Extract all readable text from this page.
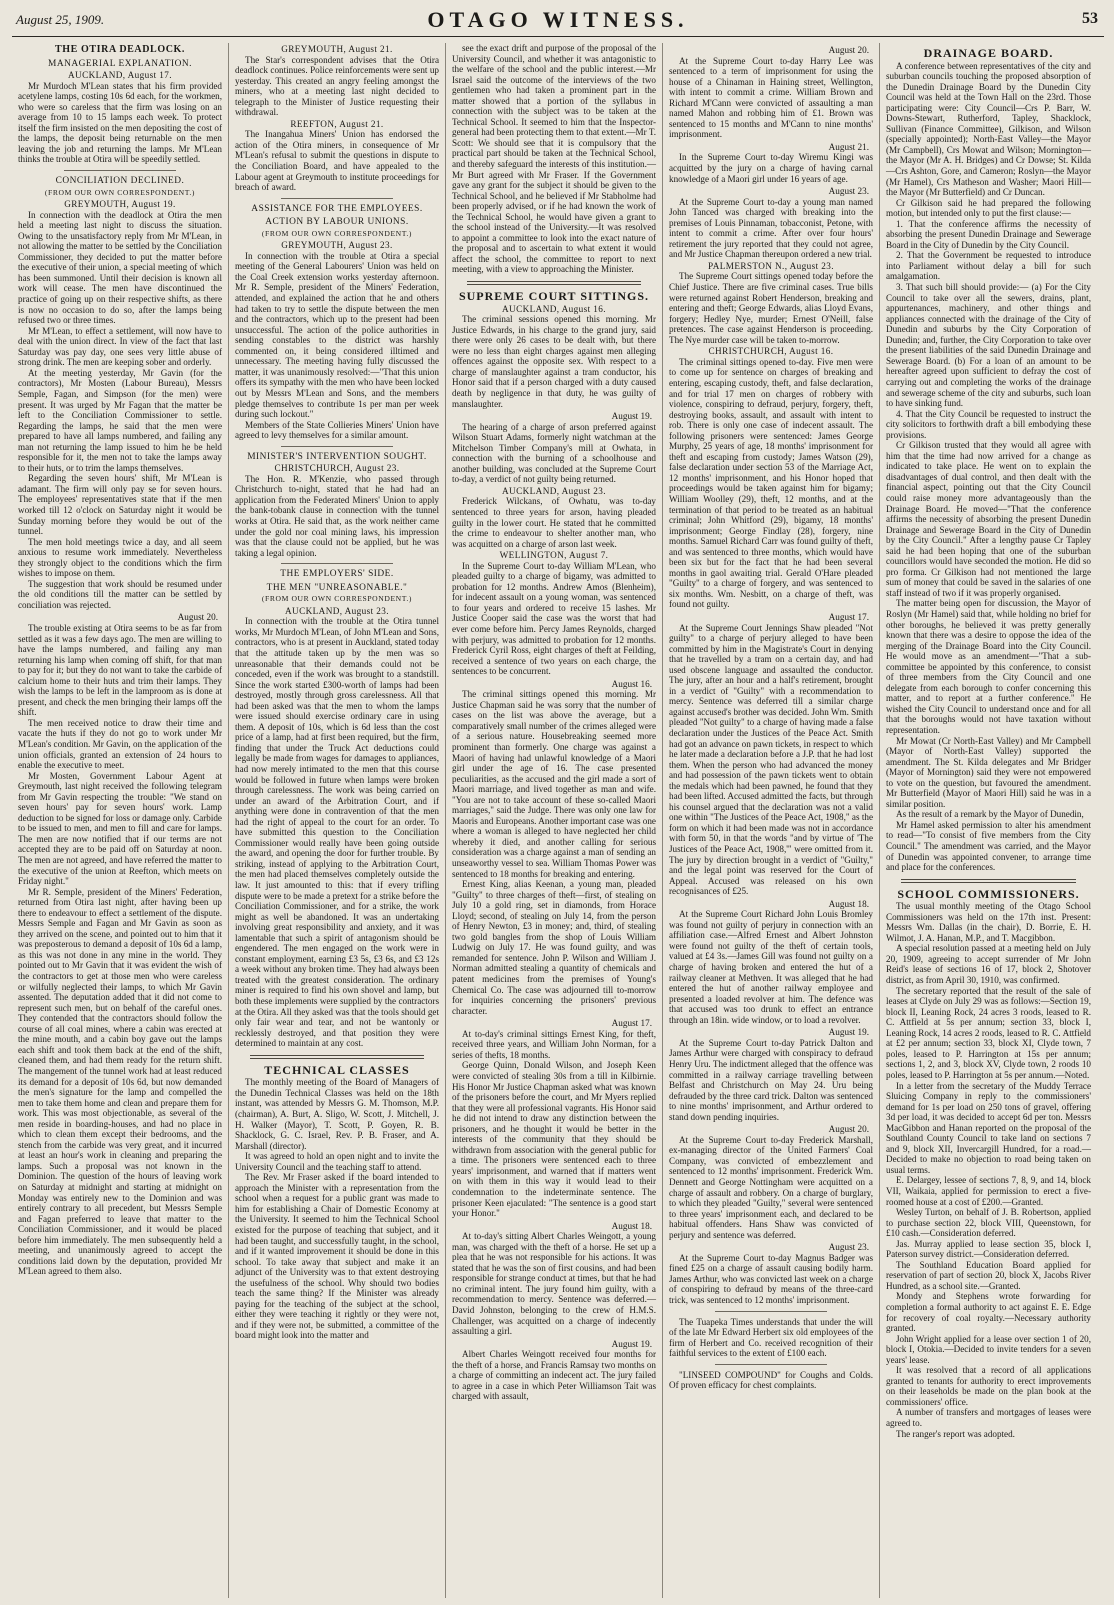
August 25, 1909.	OTAGO WITNESS.	53
THE OTIRA DEADLOCK.
MANAGERIAL EXPLANATION.
AUCKLAND, August 17.

Mr Murdoch M'Lean states that his firm provided acetylene lamps, costing 10s 6d each, for the workmen, who were so careless that the firm was losing on an average from 10 to 15 lamps each week. To protect itself the firm insisted on the men depositing the cost of the lamps, the deposit being returnable on the men leaving the job and returning the lamps. Mr M'Lean thinks the trouble at Otira will be speedily settled.

CONCILIATION DECLINED.
(FROM OUR OWN CORRESPONDENT.)
GREYMOUTH, August 19.

In connection with the deadlock at Otira the men held a meeting last night to discuss the situation. Owing to the unsatisfactory reply from Mr M'Lean, in not allowing the matter to be settled by the Conciliation Commissioner, they decided to put the matter before the executive of their union, a special meeting of which has been summoned. Until their decision is known all work will cease. The men have discontinued the practice of going up on their respective shifts, as there is now no occasion to do so, after the lamps being refused two or three times.

Mr M'Lean, to effect a settlement, will now have to deal with the union direct. In view of the fact that last Saturday was pay day, one sees very little abuse of strong drink. The men are keeping sober and orderly.

At the meeting yesterday, Mr Gavin (for the contractors), Mr Mosten (Labour Bureau), Messrs Semple, Fagan, and Simpson (for the men) were present. It was urged by Mr Fagan that the matter be left to the Conciliation Commissioner to settle. Regarding the lamps, he said that the men were prepared to have all lamps numbered, and failing any man not returning the lamp issued to him he be held responsible for it, the men not to take the lamps away to their huts, or to trim the lamps themselves.

Regarding the seven hours' shift, Mr M'Lean is adamant. The firm will only pay se for seven hours. The employees' representatives state that if the men worked till 12 o'clock on Saturday night it would be Sunday morning before they would be out of the tunnel.

The men hold meetings twice a day, and all seem anxious to resume work immediately. Nevertheless they strongly object to the conditions which the firm wishes to impose on them.

The suggestion that work should be resumed under the old conditions till the matter can be settled by conciliation was rejected.

August 20.

The trouble existing at Otira seems to be as far from settled as it was a few days ago. The men are willing to have the lamps numbered, and failing any man returning his lamp when coming off shift, for that man to pay for it; but they do not want to take the carbide of calcium home to their huts and trim their lamps. They wish the lamps to be left in the lamproom as is done at present, and check the men bringing their lamps off the shift.

The men received notice to draw their time and vacate the huts if they do not go to work under Mr M'Lean's condition. Mr Gavin, on the application of the union officials, granted an extension of 24 hours to enable the executive to meet.

Mr Mosten, Government Labour Agent at Greymouth, last night received the following telegram from Mr Gavin respecting the trouble: "We stand on seven hours' pay for seven hours' work. Lamp deduction to be signed for loss or damage only. Carbide to be issued to men, and men to fill and care for lamps. The men are now notified that if our terms are not accepted they are to be paid off on Saturday at noon. The men are not agreed, and have referred the matter to the executive of the union at Reefton, which meets on Friday night."

Mr R. Semple, president of the Miners' Federation, returned from Otira last night, after having been up there to endeavour to effect a settlement of the dispute. Messrs Semple and Fagan and Mr Gavin as soon as they arrived on the scene, and pointed out to him that it was preposterous to demand a deposit of 10s 6d a lamp, as this was not done in any mine in the world. They pointed out to Mr Gavin that it was evident the wish of the contractors to get at those men who were careless or wilfully neglected their lamps, to which Mr Gavin assented. The deputation added that it did not come to represent such men, but on behalf of the careful ones. They contended that the contractors should follow the course of all coal mines, where a cabin was erected at the mine mouth, and a cabin boy gave out the lamps each shift and took them back at the end of the shift, cleaned them, and had them ready for the return shift. The mangement of the tunnel work had at least reduced its demand for a deposit of 10s 6d, but now demanded the men's signature for the lamp and compelled the men to take them home and clean and prepare them for work. This was most objectionable, as several of the men reside in boarding-houses, and had no place in which to clean them except their bedrooms, and the stench from the carbide was very great, and it incurred at least an hour's work in cleaning and preparing the lamps. Such a proposal was not known in the Dominion. The question of the hours of leaving work on Saturday at midnight and starting at midnight on Monday was entirely new to the Dominion and was entirely contrary to all precedent, but Messrs Semple and Fagan preferred to leave that matter to the Conciliation Commissioner, and it would be placed before him immediately. The men subsequently held a meeting, and unanimously agreed to accept the conditions laid down by the deputation, provided Mr M'Lean agreed to them also.

GREYMOUTH, August 21.

The Star's correspondent advises that the Otira deadlock continues. Police reinforcements were sent up yesterday. This created an angry feeling amongst the miners, who at a meeting last night decided to telegraph to the Minister of Justice requesting their withdrawal.

REEFTON, August 21.

The Inangahua Miners' Union has endorsed the action of the Otira miners, in consequence of Mr M'Lean's refusal to submit the questions in dispute to the Conciliation Board, and have appealed to the Labour agent at Greymouth to institute proceedings for breach of award.

ASSISTANCE FOR THE EMPLOYEES.
ACTION BY LABOUR UNIONS.
(FROM OUR OWN CORRESPONDENT.)
GREYMOUTH, August 23.

In connection with the trouble at Otira a special meeting of the General Labourers' Union was held on the Coal Creek extension works yesterday afternoon. Mr R. Semple, president of the Miners' Federation, attended, and explained the action that he and others had taken to try to settle the dispute between the men and the contractors, which up to the present had been unsuccessful. The action of the police authorities in sending constables to the district was harshly commented on, it being considered illtimed and unnecessary. The meeting having fully discussed the matter, it was unanimously resolved:—"That this union offers its sympathy with the men who have been locked out by Messrs M'Lean and Sons, and the members pledge themselves to contribute 1s per man per week during such lockout."

Members of the State Collieries Miners' Union have agreed to levy themselves for a similar amount.

MINISTER'S INTERVENTION SOUGHT.
CHRISTCHURCH, August 23.

The Hon. R. M'Kenzie, who passed through Christchurch to-night, stated that he had had an application from the Federated Miners' Union to apply the bank-tobank clause in connection with the tunnel works at Otira. He said that, as the work neither came under the gold nor coal mining laws, his impression was that the clause could not be applied, but he was taking a legal opinion.

THE EMPLOYERS' SIDE.
THE MEN "UNREASONABLE."
(FROM OUR OWN CORRESPONDENT.)
AUCKLAND, August 23.

In connection with the trouble at the Otira tunnel works, Mr Murdoch M'Lean, of John M'Lean and Sons, contractors, who is at present in Auckland, stated today that the attitude taken up by the men was so unreasonable that their demands could not be conceded, even if the work was brought to a standstill. Since the work started £300-worth of lamps had been destroyed, mostly through gross carelessness. All that had been asked was that the men to whom the lamps were issued should exercise ordinary care in using them. A deposit of 10s, which is 6d less than the cost price of a lamp, had at first been required, but the firm, finding that under the Truck Act deductions could legally be made from wages for damages to appliances, had now merely intimated to the men that this course would be followed in future when lamps were broken through carelessness. The work was being carried on under an award of the Arbitration Court, and if anything were done in contravention of that the men had the right of appeal to the court for an order. To have submitted this question to the Conciliation Commissioner would really have been going outside the award, and opening the door for further trouble. By striking, instead of applying to the Arbitration Court, the men had placed themselves completely outside the law. It just amounted to this: that if every trifling dispute were to be made a pretext for a strike before the Conciliation Commissioner, and for a strike, the work might as well be abandoned. It was an undertaking involving great responsibility and anxiety, and it was lamentable that such a spirit of antagonism should be engendered. The men engaged on the work were in constant employment, earning £3 5s, £3 6s, and £3 12s a week without any broken time. They had always been treated with the greatest consideration. The ordinary miner is required to find his own shovel and lamp, but both these implements were supplied by the contractors at the Otira. All they asked was that the tools should get only fair wear and tear, and not be wantonly or recklessly destroyed, and that position they were determined to maintain at any cost.

TECHNICAL CLASSES

The monthly meeting of the Board of Managers of the Dunedin Technical Classes was held on the 18th instant, was attended by Messrs G. M. Thomson, M.P. (chairman), A. Burt, A. Sligo, W. Scott, J. Mitchell, J. H. Walker (Mayor), T. Scott, P. Goyen, R. B. Shacklock, G. C. Israel, Rev. P. B. Fraser, and A. Marshall (director).

It was agreed to hold an open night and to invite the University Council and the teaching staff to attend.

The Rev. Mr Fraser asked if the board intended to approach the Minister with a representation from the school when a request for a public grant was made to him for establishing a Chair of Domestic Economy at the University. It seemed to him the Technical School existed for the purpose of teaching that subject, and it had been taught, and successfully taught, in the school, and if it wanted improvement it should be done in this school. To take away that subject and make it an adjunct of the University was to that extent destroying the usefulness of the school. Why should two bodies teach the same thing? If the Minister was already paying for the teaching of the subject at the school, either they were teaching it rightly or they were not, and if they were not, be submitted, a committee of the board might look into the matter and

see the exact drift and purpose of the proposal of the University Council, and whether it was antagonistic to the welfare of the school and the public interest.—Mr Israel said the outcome of the interviews of the two gentlemen who had taken a prominent part in the matter showed that a portion of the syllabus in connection with the subject was to be taken at the Technical School. It seemed to him that the Inspector-general had been protecting them to that extent.—Mr T. Scott: We should see that it is compulsory that the practical part should be taken at the Technical School, and thereby safeguard the interests of this institution.—Mr Burt agreed with Mr Fraser. If the Government gave any grant for the subject it should be given to the Technical School, and he believed if Mr Stabholme had been properly advised, or if he had known the work of the Technical School, he would have given a grant to the school instead of the University.—It was resolved to appoint a committee to look into the exact nature of the proposal and to ascertain to what extent it would affect the school, the committee to report to next meeting, with a view to approaching the Minister.

SUPREME COURT SITTINGS.
AUCKLAND, August 16.

The criminal sessions opened this morning. Mr Justice Edwards, in his charge to the grand jury, said there were only 26 cases to be dealt with, but there were no less than eight charges against men alleging offences against the opposite sex. With respect to a charge of manslaughter against a tram conductor, his Honor said that if a person charged with a duty caused death by negligence in that duty, he was guilty of manslaughter.

August 19.

The hearing of a charge of arson preferred against Wilson Stuart Adams, formerly night watchman at the Mitchelson Timber Company's mill at Owhata, in connection with the burning of a schoolhouse and another building, was concluded at the Supreme Court to-day, a verdict of not guilty being returned.

AUCKLAND, August 23.

Frederick Wilckans, of Owhatu, was to-day sentenced to three years for arson, having pleaded guilty in the lower court. He stated that he committed the crime to endeavour to shelter another man, who was acquitted on a charge of arson last week.

WELLINGTON, August 7.

In the Supreme Court to-day William M'Lean, who pleaded guilty to a charge of bigamy, was admitted to probation for 12 months. Andrew Amos (Blenheim), for indecent assault on a young woman, was sentenced to four years and ordered to receive 15 lashes. Mr Justice Cooper said the case was the worst that had ever come before him. Percy James Reynolds, charged with perjury, was admitted to probation for 12 months. Frederick Cyril Ross, eight charges of theft at Feilding, received a sentence of two years on each charge, the sentences to be concurrent.

August 16.

The criminal sittings opened this morning. Mr Justice Chapman said he was sorry that the number of cases on the list was above the average, but a comparatively small number of the crimes alleged were of a serious nature. Housebreaking seemed more prominent than formerly. One charge was against a Maori of having had unlawful knowledge of a Maori girl under the age of 16. The case presented peculiarities, as the accused and the girl made a sort of Maori marriage, and lived together as man and wife. "You are not to take account of these so-called Maori marriages," said the Judge. There was only one law for Maoris and Europeans. Another important case was one where a woman is alleged to have neglected her child whereby it died, and another calling for serious consideration was a charge against a man of sending an unseaworthy vessel to sea. William Thomas Power was sentenced to 18 months for breaking and entering.

Ernest King, alias Keenan, a young man, pleaded "Guilty" to three charges of theft—first, of stealing on July 10 a gold ring, set in diamonds, from Horace Lloyd; second, of stealing on July 14, from the person of Henry Newton, £3 in money; and, third, of stealing two gold bangles from the shop of Louis William Ludwig on July 17. He was found guilty, and was remanded for sentence. John P. Wilson and William J. Norman admitted stealing a quantity of chemicals and patent medicines from the premises of Young's Chemical Co. The case was adjourned till to-morrow for inquiries concerning the prisoners' previous character.

August 17.

At to-day's criminal sittings Ernest King, for theft, received three years, and William John Norman, for a series of thefts, 18 months.

George Quinn, Donald Wilson, and Joseph Keen were convicted of stealing 30s from a till in Kilbirnie. His Honor Mr Justice Chapman asked what was known of the prisoners before the court, and Mr Myers replied that they were all professional vagrants. His Honor said he did not intend to draw any distinction between the prisoners, and he thought it would be better in the interests of the community that they should be withdrawn from association with the general public for a time. The prisoners were sentenced each to three years' imprisonment, and warned that if matters went on with them in this way it would lead to their condemnation to the indeterminate sentence. The prisoner Keen ejaculated: "The sentence is a good start your Honor."

August 18.

At to-day's sitting Albert Charles Weingott, a young man, was charged with the theft of a horse. He set up a plea that he was not responsible for his actions. It was stated that he was the son of first cousins, and had been responsible for strange conduct at times, but that he had no criminal intent. The jury found him guilty, with a recommendation to mercy. Sentence was deferred.—David Johnston, belonging to the crew of H.M.S. Challenger, was acquitted on a charge of indecently assaulting a girl.

August 19.

Albert Charles Weingott received four months for the theft of a horse, and Francis Ramsay two months on a charge of committing an indecent act. The jury failed to agree in a case in which Peter Williamson Tait was charged with assault,

August 20.

At the Supreme Court to-day Harry Lee was sentenced to a term of imprisonment for using the house of a Chinaman in Haining street, Wellington, with intent to commit a crime. William Brown and Richard M'Cann were convicted of assaulting a man named Mahon and robbing him of £1. Brown was sentenced to 15 months and M'Cann to nine months' imprisonment.

August 21.

In the Supreme Court to-day Wiremu Kingi was acquitted by the jury on a charge of having carnal knowledge of a Maori girl under 16 years of age.

August 23.

At the Supreme Court to-day a young man named John Tanced was charged with breaking into the premises of Louis Pinnaman, tobacconist, Petone, with intent to commit a crime. After over four hours' retirement the jury reported that they could not agree, and Mr Justice Chapman thereupon ordered a new trial.

PALMERSTON N., August 23.

The Supreme Court sittings opened today before the Chief Justice. There are five criminal cases. True bills were returned against Robert Henderson, breaking and entering and theft; George Edwards, alias Lloyd Evans, forgery; Hedley Nye, murder; Ernest O'Neill, false pretences. The case against Henderson is proceeding. The Nye murder case will be taken to-morrow.

CHRISTCHURCH, August 16.

The criminal sittings opened to-day. Five men were to come up for sentence on charges of breaking and entering, escaping custody, theft, and false declaration, and for trial 17 men on charges of robbery with violence, conspiring to defraud, perjury, forgery, theft, destroying books, assault, and assault with intent to rob. There is only one case of indecent assault. The following prisoners were sentenced: James George Murphy, 25 years of age, 18 months' imprisonment for theft and escaping from custody; James Watson (29), false declaration under section 53 of the Marriage Act, 12 months' imprisonment, and his Honor hoped that proceedings would be taken against him for bigamy; William Woolley (29), theft, 12 months, and at the termination of that period to be treated as an habitual criminal; John Whitford (29), bigamy, 18 months' imprisonment; George Findlay (28), forgery, nine months. Samuel Richard Carr was found guilty of theft, and was sentenced to three months, which would have been six but for the fact that he had been several months in gaol awaiting trial. Gerald O'Hare pleaded "Guilty" to a charge of forgery, and was sentenced to six months. Wm. Nesbitt, on a charge of theft, was found not guilty.

August 17.

At the Supreme Court Jennings Shaw pleaded "Not guilty" to a charge of perjury alleged to have been committed by him in the Magistrate's Court in denying that he travelled by a tram on a certain day, and had used obscene language and assaulted the conductor. The jury, after an hour and a half's retirement, brought in a verdict of "Guilty" with a recommendation to mercy. Sentence was deferred till a similar charge against accused's brother was decided. John Wm. Smith pleaded "Not guilty" to a charge of having made a false declaration under the Justices of the Peace Act. Smith had got an advance on pawn tickets, in respect to which he later made a declaration before a J.P. that he had lost them. When the person who had advanced the money and had possession of the pawn tickets went to obtain the medals which had been pawned, he found that they had been lifted. Accused admitted the facts, but through his counsel argued that the declaration was not a valid one within "The Justices of the Peace Act, 1908," as the form on which it had been made was not in accordance with form 50, in that the words "and by virtue of 'The Justices of the Peace Act, 1908,'" were omitted from it. The jury by direction brought in a verdict of "Guilty," and the legal point was reserved for the Court of Appeal. Accused was released on his own recognisances of £25.

August 18.

At the Supreme Court Richard John Louis Bromley was found not guilty of perjury in connection with an affiliation case.—Alfred Ernest and Albert Johnston were found not guilty of the theft of certain tools, valued at £4 3s.—James Gill was found not guilty on a charge of having broken and entered the hut of a railway cleaner at Methven. It was alleged that he had entered the hut of another railway employee and presented a loaded revolver at him. The defence was that accused was too drunk to effect an entrance through an 18in. wide window, or to load a revolver.

August 19.

At the Supreme Court to-day Patrick Dalton and James Arthur were charged with conspiracy to defraud Henry Uru. The indictment alleged that the offence was committed in a railway carriage travelling between Belfast and Christchurch on May 24. Uru being defrauded by the three card trick. Dalton was sentenced to nine months' imprisonment, and Arthur ordered to stand down pending inquiries.

August 20.

At the Supreme Court to-day Frederick Marshall, ex-managing director of the United Farmers' Coal Company, was convicted of embezzlement and sentenced to 12 months' imprisonment. Frederick Wm. Dennett and George Nottingham were acquitted on a charge of assault and robbery. On a charge of burglary, to which they pleaded "Guilty," several were sentenced to three years' imprisonment each, and declared to be habitual offenders. Hans Shaw was convicted of perjury and sentence was deferred.

August 23.

At the Supreme Court to-day Magnus Badger was fined £25 on a charge of assault causing bodily harm. James Arthur, who was convicted last week on a charge of conspiring to defraud by means of the three-card trick, was sentenced to 12 months' imprisonment.

The Tuapeka Times understands that under the will of the late Mr Edward Herbert six old employees of the firm of Herbert and Co. received recognition of their faithful services to the extent of £100 each.

"LINSEED COMPOUND" for Coughs and Colds. Of proven efficacy for chest complaints.

DRAINAGE BOARD.

A conference between representatives of the city and suburban councils touching the proposed absorption of the Dunedin Drainage Board by the Dunedin City Council was held at the Town Hall on the 23rd. Those participating were: City Council—Crs P. Barr, W. Downs-Stewart, Rutherford, Tapley, Shacklock, Sullivan (Finance Committee), Gilkison, and Wilson (specially appointed); North-East Valley—the Mayor (Mr Campbell), Crs Mowat and Wilson; Mornington—the Mayor (Mr A. H. Bridges) and Cr Dowse; St. Kilda—Crs Ashton, Gore, and Cameron; Roslyn—the Mayor (Mr Hamel), Crs Matheson and Washer; Maori Hill—the Mayor (Mr Butterfield) and Cr Duncan.

Cr Gilkison said he had prepared the following motion, but intended only to put the first clause:—

1. That the conference affirms the necessity of absorbing the present Dunedin Drainage and Sewerage Board in the City of Dunedin by the City Council.

2. That the Government be requested to introduce into Parliament without delay a bill for such amalgamation.

3. That such bill should provide:— (a) For the City Council to take over all the sewers, drains, plant, appurtenances, machinery, and other things and appliances connected with the drainage of the City of Dunedin and suburbs by the City Corporation of Dunedin; and, further, the City Corporation to take over the present liabilities of the said Dunedin Drainage and Sewerage Board. (b) For a loan of an amount to be hereafter agreed upon sufficient to defray the cost of carrying out and completing the works of the drainage and sewerage scheme of the city and suburbs, such loan to have sinking fund.

4. That the City Council be requested to instruct the city solicitors to forthwith draft a bill embodying these provisions.

Cr Gilkison trusted that they would all agree with him that the time had now arrived for a change as indicated to take place. He went on to explain the disadvantages of dual control, and then dealt with the financial aspect, pointing out that the City Council could raise money more advantageously than the Drainage Board. He moved—"That the conference affirms the necessity of absorbing the present Dunedin Drainage and Sewerage Board in the City of Dunedin by the City Council." After a lengthy pause Cr Tapley said he had been hoping that one of the suburban councillors would have seconded the motion. He did so pro forma. Cr Gilkison had not mentioned the large sum of money that could be saved in the salaries of one staff instead of two if it was properly organised.

The matter being open for discussion, the Mayor of Roslyn (Mr Hamel) said that, while holding no brief for other boroughs, he believed it was pretty generally known that there was a desire to oppose the idea of the merging of the Drainage Board into the City Council. He would move as an amendment—"That a sub-committee be appointed by this conference, to consist of three members from the City Council and one delegate from each borough to confer concerning this matter, and to report at a further conference." He wished the City Council to understand once and for all that the boroughs would not have taxation without representation.

Mr Mowat (Cr North-East Valley) and Mr Campbell (Mayor of North-East Valley) supported the amendment. The St. Kilda delegates and Mr Bridger (Mayor of Mornington) said they were not empowered to vote on the question, but favoured the amendment. Mr Butterfield (Mayor of Maori Hill) said he was in a similar position.

As the result of a remark by the Mayor of Dunedin,

Mr Hamel asked permission to alter his amendment to read—"To consist of five members from the City Council." The amendment was carried, and the Mayor of Dunedin was appointed convener, to arrange time and place for the conferences.

SCHOOL COMMISSIONERS.

The usual monthly meeting of the Otago School Commissioners was held on the 17th inst. Present: Messrs Wm. Dallas (in the chair), D. Borrie, E. H. Wilmot, J. A. Hanan, M.P., and T. Macgibbon.

A special resolution passed at a meeting held on July 20, 1909, agreeing to accept surrender of Mr John Reid's lease of sections 16 of 17, block 2, Shotover district, as from April 30, 1910, was confirmed.

The secretary reported that the result of the sale of leases at Clyde on July 29 was as follows:—Section 19, block II, Leaning Rock, 24 acres 3 roods, leased to R. C. Attfield at 5s per annum; section 33, block I, Leaning Rock, 14 acres 2 roods, leased to R. C. Attfield at £2 per annum; section 33, block XI, Clyde town, 7 poles, leased to P. Harrington at 15s per annum; sections 1, 2, and 3, block XV, Clyde town, 2 roods 10 poles, leased to P. Harrington at 5s per annum.—Noted.

In a letter from the secretary of the Muddy Terrace Sluicing Company in reply to the commissioners' demand for 1s per load on 250 tons of gravel, offering 3d per load, it was decided to accept 6d per ton. Messrs MacGibbon and Hanan reported on the proposal of the Southland County Council to take land on sections 7 and 9, block XII, Invercargill Hundred, for a road.—Decided to make no objection to road being taken on usual terms.

E. Delargey, lessee of sections 7, 8, 9, and 14, block VII, Waikaia, applied for permission to erect a five-roomed house at a cost of £200.—Granted.

Wesley Turton, on behalf of J. B. Robertson, applied to purchase section 22, block VIII, Queenstown, for £10 cash.—Consideration deferred.

Jas. Murray applied to lease section 35, block I, Paterson survey district.—Consideration deferred.

The Southland Education Board applied for reservation of part of section 20, block X, Jacobs River Hundred, as a school site.—Granted.

Mondy and Stephens wrote forwarding for completion a formal authority to act against E. E. Edge for recovery of coal royalty.—Necessary authority granted.

John Wright applied for a lease over section 1 of 20, block I, Otokia.—Decided to invite tenders for a seven years' lease.

It was resolved that a record of all applications granted to tenants for authority to erect improvements on their leaseholds be made on the plan book at the commissioners' office.

A number of transfers and mortgages of leases were agreed to.

The ranger's report was adopted.
